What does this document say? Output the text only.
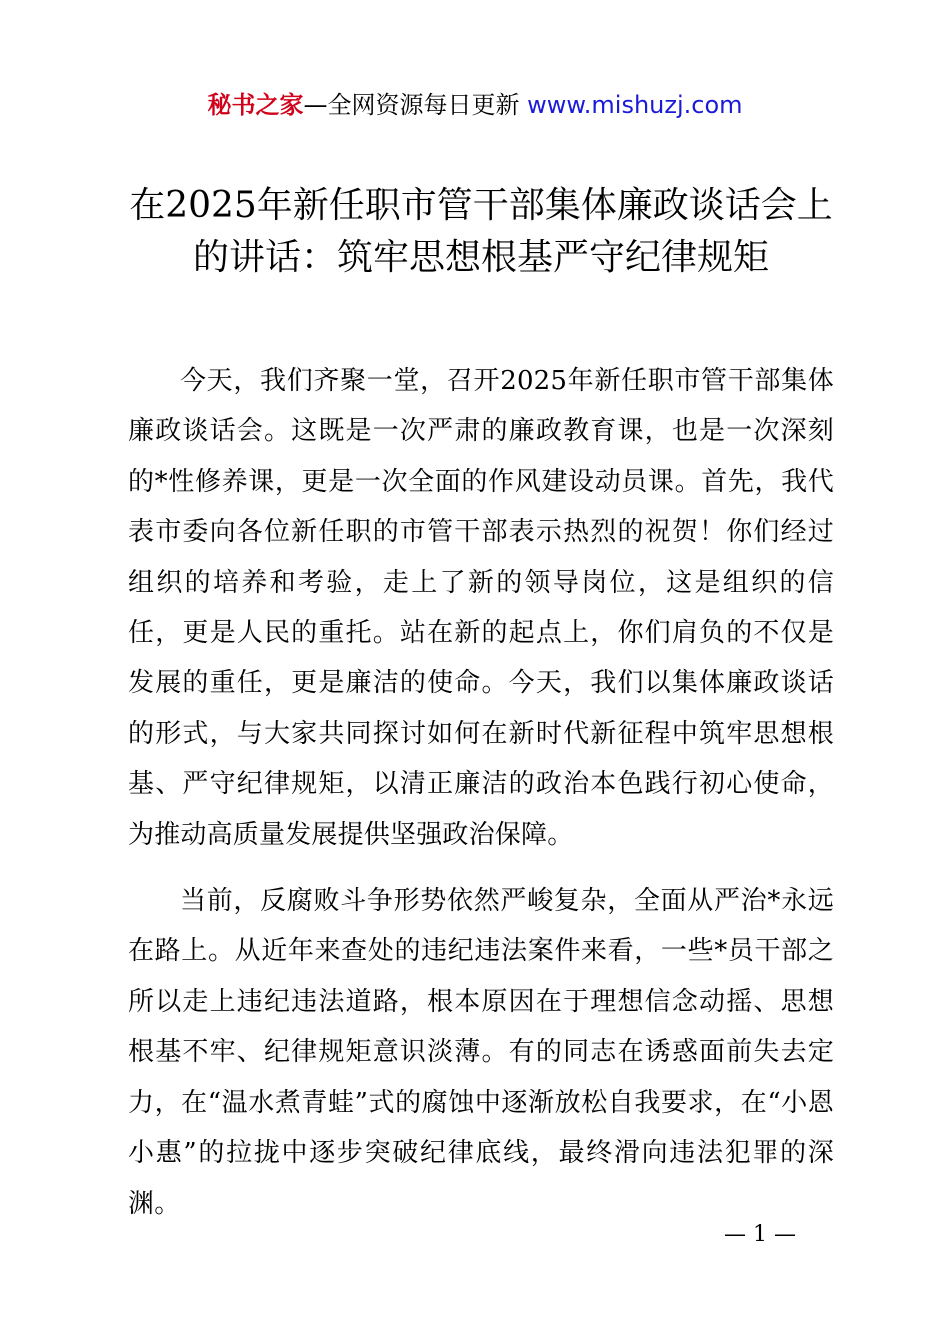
秘书之家—全网资源每日更新 www.mishuzj.com
在2025年新任职市管干部集体廉政谈话会上的讲话：筑牢思想根基严守纪律规矩

今天，我们齐聚一堂，召开2025年新任职市管干部集体廉政谈话会。这既是一次严肃的廉政教育课，也是一次深刻的*性修养课，更是一次全面的作风建设动员课。首先，我代表市委向各位新任职的市管干部表示热烈的祝贺！你们经过组织的培养和考验，走上了新的领导岗位，这是组织的信任，更是人民的重托。站在新的起点上，你们肩负的不仅是发展的重任，更是廉洁的使命。今天，我们以集体廉政谈话的形式，与大家共同探讨如何在新时代新征程中筑牢思想根基、严守纪律规矩，以清正廉洁的政治本色践行初心使命，为推动高质量发展提供坚强政治保障。

当前，反腐败斗争形势依然严峻复杂，全面从严治*永远在路上。从近年来查处的违纪违法案件来看，一些*员干部之所以走上违纪违法道路，根本原因在于理想信念动摇、思想根基不牢、纪律规矩意识淡薄。有的同志在诱惑面前失去定力，在“温水煮青蛙”式的腐蚀中逐渐放松自我要求，在“小恩小惠”的拉拢中逐步突破纪律底线，最终滑向违法犯罪的深渊。

— 1 —
